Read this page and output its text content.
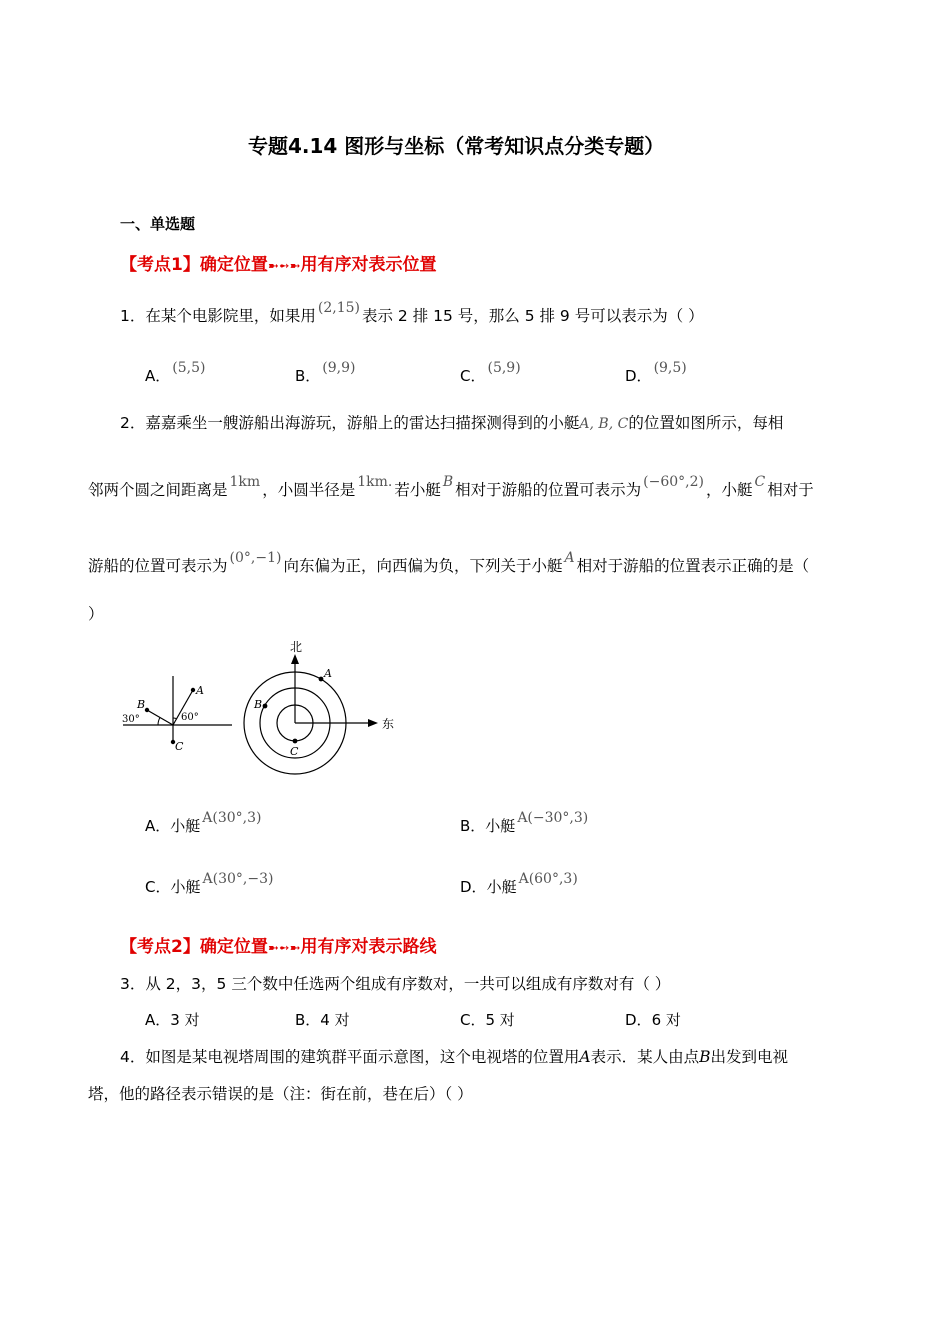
专题4.14 图形与坐标（常考知识点分类专题）
一、单选题
【考点1】确定位置➼➻➼用有序对表示位置
1．在某个电影院里，如果用 (2,15) 表示 2 排 15 号，那么 5 排 9 号可以表示为（ ）
A． (5,5)	B． (9,9)	C． (5,9)	D． (9,5)
2．嘉嘉乘坐一艘游船出海游玩，游船上的雷达扫描探测得到的小艇A, B, C的位置如图所示，每相
邻两个圆之间距离是 1km ，小圆半径是 1km. 若小艇 B 相对于游船的位置可表示为 (−60°,2) ，小艇 C 相对于
游船的位置可表示为 (0°,−1) 向东偏为正，向西偏为负，下列关于小艇 A 相对于游船的位置表示正确的是（
）
A
B
C
30°	60°
北
东
A
B
C
A．小艇 A(30°,3)	B．小艇 A(−30°,3)
C．小艇 A(30°,−3)	D．小艇 A(60°,3)
【考点2】确定位置➼➻➼用有序对表示路线
3．从 2，3，5 三个数中任选两个组成有序数对，一共可以组成有序数对有（ ）
A．3 对	B．4 对	C．5 对	D．6 对
4．如图是某电视塔周围的建筑群平面示意图，这个电视塔的位置用A表示．某人由点B出发到电视
塔，他的路径表示错误的是（注：街在前，巷在后）（ ）
